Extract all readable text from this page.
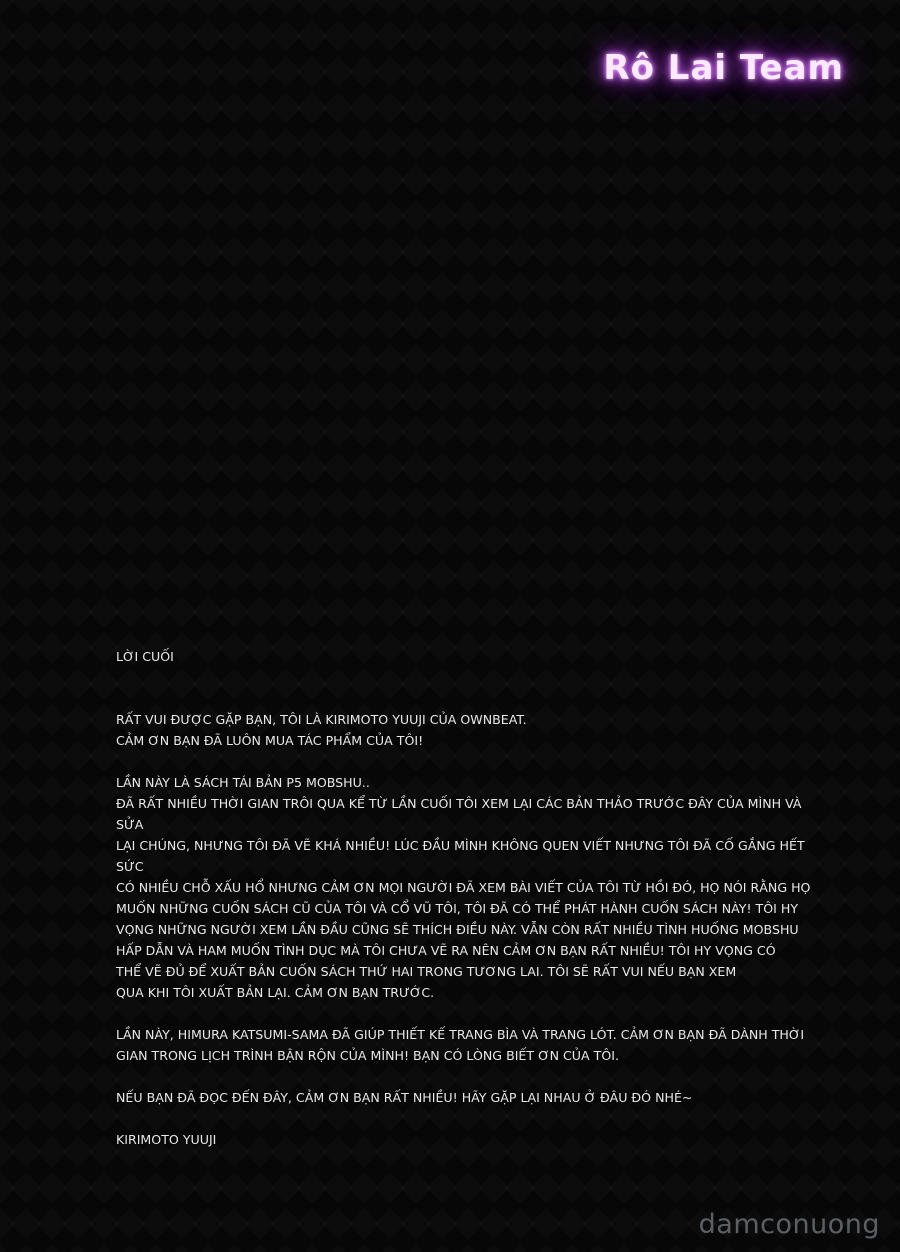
Rô Lai Team

LỜI CUỐI

RẤT VUI ĐƯỢC GẶP BẠN, TÔI LÀ KIRIMOTO YUUJI CỦA OWNBEAT.
CẢM ƠN BẠN ĐÃ LUÔN MUA TÁC PHẨM CỦA TÔI!

LẦN NÀY LÀ SÁCH TÁI BẢN P5 MOBSHU..
ĐÃ RẤT NHIỀU THỜI GIAN TRÔI QUA KỂ TỪ LẦN CUỐI TÔI XEM LẠI CÁC BẢN THẢO TRƯỚC ĐÂY CỦA MÌNH VÀ SỬA
LẠI CHÚNG, NHƯNG TÔI ĐÃ VẼ KHÁ NHIỀU! LÚC ĐẦU MÌNH KHÔNG QUEN VIẾT NHƯNG TÔI ĐÃ CỐ GẮNG HẾT SỨC
CÓ NHIỀU CHỖ XẤU HỔ NHƯNG CẢM ƠN MỌI NGƯỜI ĐÃ XEM BÀI VIẾT CỦA TÔI TỪ HỒI ĐÓ, HỌ NÓI RẰNG HỌ
MUỐN NHỮNG CUỐN SÁCH CŨ CỦA TÔI VÀ CỔ VŨ TÔI, TÔI ĐÃ CÓ THỂ PHÁT HÀNH CUỐN SÁCH NÀY! TÔI HY
VỌNG NHỮNG NGƯỜI XEM LẦN ĐẦU CŨNG SẼ THÍCH ĐIỀU NÀY. VẪN CÒN RẤT NHIỀU TÌNH HUỐNG MOBSHU
HẤP DẪN VÀ HAM MUỐN TÌNH DỤC MÀ TÔI CHƯA VẼ RA NÊN CẢM ƠN BẠN RẤT NHIỀU! TÔI HY VỌNG CÓ
THỂ VẼ ĐỦ ĐỂ XUẤT BẢN CUỐN SÁCH THỨ HAI TRONG TƯƠNG LAI. TÔI SẼ RẤT VUI NẾU BẠN XEM
QUA KHI TÔI XUẤT BẢN LẠI. CẢM ƠN BẠN TRƯỚC.

LẦN NÀY, HIMURA KATSUMI-SAMA ĐÃ GIÚP THIẾT KẾ TRANG BÌA VÀ TRANG LÓT. CẢM ƠN BẠN ĐÃ DÀNH THỜI
GIAN TRONG LỊCH TRÌNH BẬN RỘN CỦA MÌNH! BẠN CÓ LÒNG BIẾT ƠN CỦA TÔI.

NẾU BẠN ĐÃ ĐỌC ĐẾN ĐÂY, CẢM ƠN BẠN RẤT NHIỀU! HÃY GẶP LẠI NHAU Ở ĐÂU ĐÓ NHÉ~

KIRIMOTO YUUJI

damconuong
